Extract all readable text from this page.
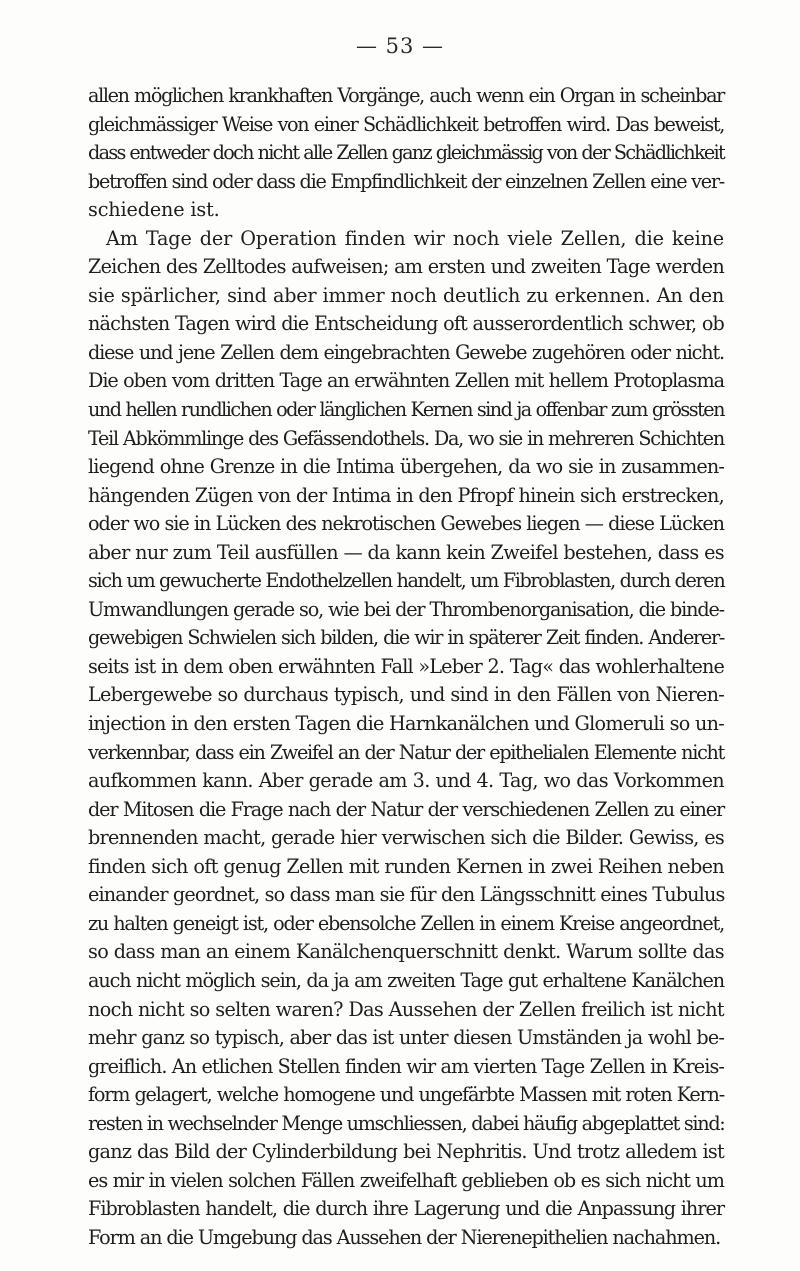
— 53 —
allen möglichen krankhaften Vorgänge, auch wenn ein Organ in scheinbar
gleichmässiger Weise von einer Schädlichkeit betroffen wird. Das beweist,
dass entweder doch nicht alle Zellen ganz gleichmässig von der Schädlichkeit
betroffen sind oder dass die Empfindlichkeit der einzelnen Zellen eine ver-
schiedene ist.
Am Tage der Operation finden wir noch viele Zellen, die keine
Zeichen des Zelltodes aufweisen; am ersten und zweiten Tage werden
sie spärlicher, sind aber immer noch deutlich zu erkennen. An den
nächsten Tagen wird die Entscheidung oft ausserordentlich schwer, ob
diese und jene Zellen dem eingebrachten Gewebe zugehören oder nicht.
Die oben vom dritten Tage an erwähnten Zellen mit hellem Protoplasma
und hellen rundlichen oder länglichen Kernen sind ja offenbar zum grössten
Teil Abkömmlinge des Gefässendothels. Da, wo sie in mehreren Schichten
liegend ohne Grenze in die Intima übergehen, da wo sie in zusammen-
hängenden Zügen von der Intima in den Pfropf hinein sich erstrecken,
oder wo sie in Lücken des nekrotischen Gewebes liegen — diese Lücken
aber nur zum Teil ausfüllen — da kann kein Zweifel bestehen, dass es
sich um gewucherte Endothelzellen handelt, um Fibroblasten, durch deren
Umwandlungen gerade so, wie bei der Thrombenorganisation, die binde-
gewebigen Schwielen sich bilden, die wir in späterer Zeit finden. Anderer-
seits ist in dem oben erwähnten Fall »Leber 2. Tag« das wohlerhaltene
Lebergewebe so durchaus typisch, und sind in den Fällen von Nieren-
injection in den ersten Tagen die Harnkanälchen und Glomeruli so un-
verkennbar, dass ein Zweifel an der Natur der epithelialen Elemente nicht
aufkommen kann. Aber gerade am 3. und 4. Tag, wo das Vorkommen
der Mitosen die Frage nach der Natur der verschiedenen Zellen zu einer
brennenden macht, gerade hier verwischen sich die Bilder. Gewiss, es
finden sich oft genug Zellen mit runden Kernen in zwei Reihen neben
einander geordnet, so dass man sie für den Längsschnitt eines Tubulus
zu halten geneigt ist, oder ebensolche Zellen in einem Kreise angeordnet,
so dass man an einem Kanälchenquerschnitt denkt. Warum sollte das
auch nicht möglich sein, da ja am zweiten Tage gut erhaltene Kanälchen
noch nicht so selten waren? Das Aussehen der Zellen freilich ist nicht
mehr ganz so typisch, aber das ist unter diesen Umständen ja wohl be-
greiflich. An etlichen Stellen finden wir am vierten Tage Zellen in Kreis-
form gelagert, welche homogene und ungefärbte Massen mit roten Kern-
resten in wechselnder Menge umschliessen, dabei häufig abgeplattet sind:
ganz das Bild der Cylinderbildung bei Nephritis. Und trotz alledem ist
es mir in vielen solchen Fällen zweifelhaft geblieben ob es sich nicht um
Fibroblasten handelt, die durch ihre Lagerung und die Anpassung ihrer
Form an die Umgebung das Aussehen der Nierenepithelien nachahmen.
